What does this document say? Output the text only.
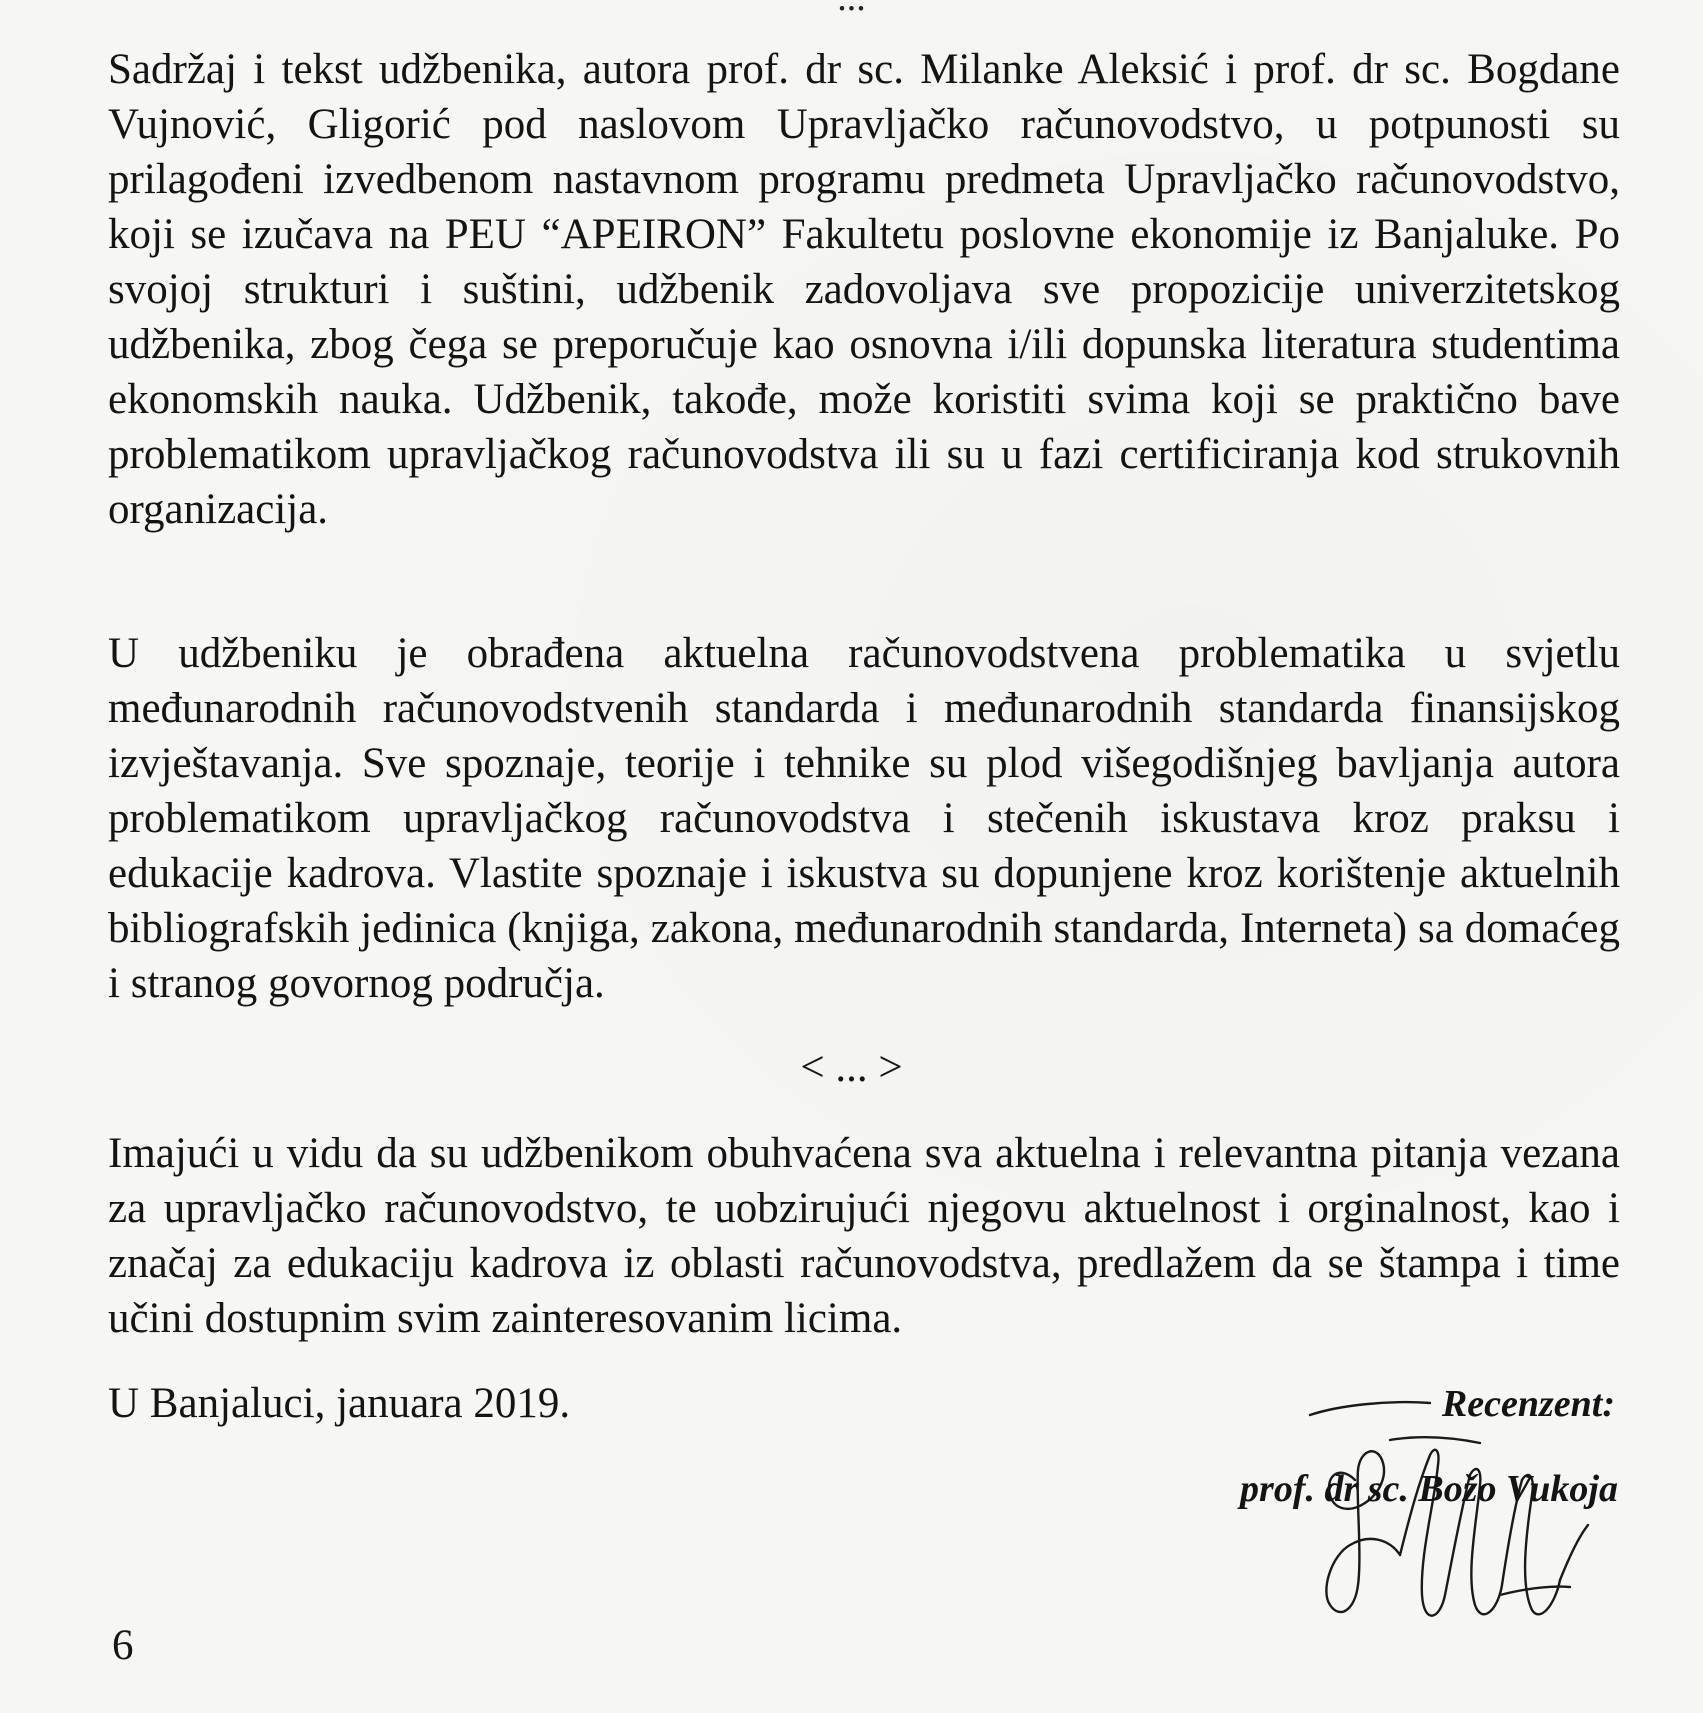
Sadržaj i tekst udžbenika, autora prof. dr sc. Milanke Aleksić i prof. dr sc. Bogdane Vujnović, Gligorić pod naslovom Upravljačko računovodstvo, u potpunosti su prilagođeni izvedbenom nastavnom programu predmeta Upravljačko računovodstvo, koji se izučava na PEU “APEIRON” Fakultetu poslovne ekonomije iz Banjaluke. Po svojoj strukturi i suštini, udžbenik zadovoljava sve propozicije univerzitetskog udžbenika, zbog čega se preporučuje kao osnovna i/ili dopunska literatura studentima ekonomskih nauka. Udžbenik, takođe, može koristiti svima koji se praktično bave problematikom upravljačkog računovodstva ili su u fazi certificiranja kod strukovnih organizacija.

U udžbeniku je obrađena aktuelna računovodstvena problematika u svjetlu međunarodnih računovodstvenih standarda i međunarodnih standarda finansijskog izvještavanja. Sve spoznaje, teorije i tehnike su plod višegodišnjeg bavljanja autora problematikom upravljačkog računovodstva i stečenih iskustava kroz praksu i edukacije kadrova. Vlastite spoznaje i iskustva su dopunjene kroz korištenje aktuelnih bibliografskih jedinica (knjiga, zakona, međunarodnih standarda, Interneta) sa domaćeg i stranog govornog područja.

< ... >

Imajući u vidu da su udžbenikom obuhvaćena sva aktuelna i relevantna pitanja vezana za upravljačko računovodstvo, te uobzirujući njegovu aktuelnost i orginalnost, kao i značaj za edukaciju kadrova iz oblasti računovodstva, predlažem da se štampa i time učini dostupnim svim zainteresovanim licima.

U Banjaluci, januara 2019.	Recenzent:
prof. dr sc. Božo Vukoja
6
